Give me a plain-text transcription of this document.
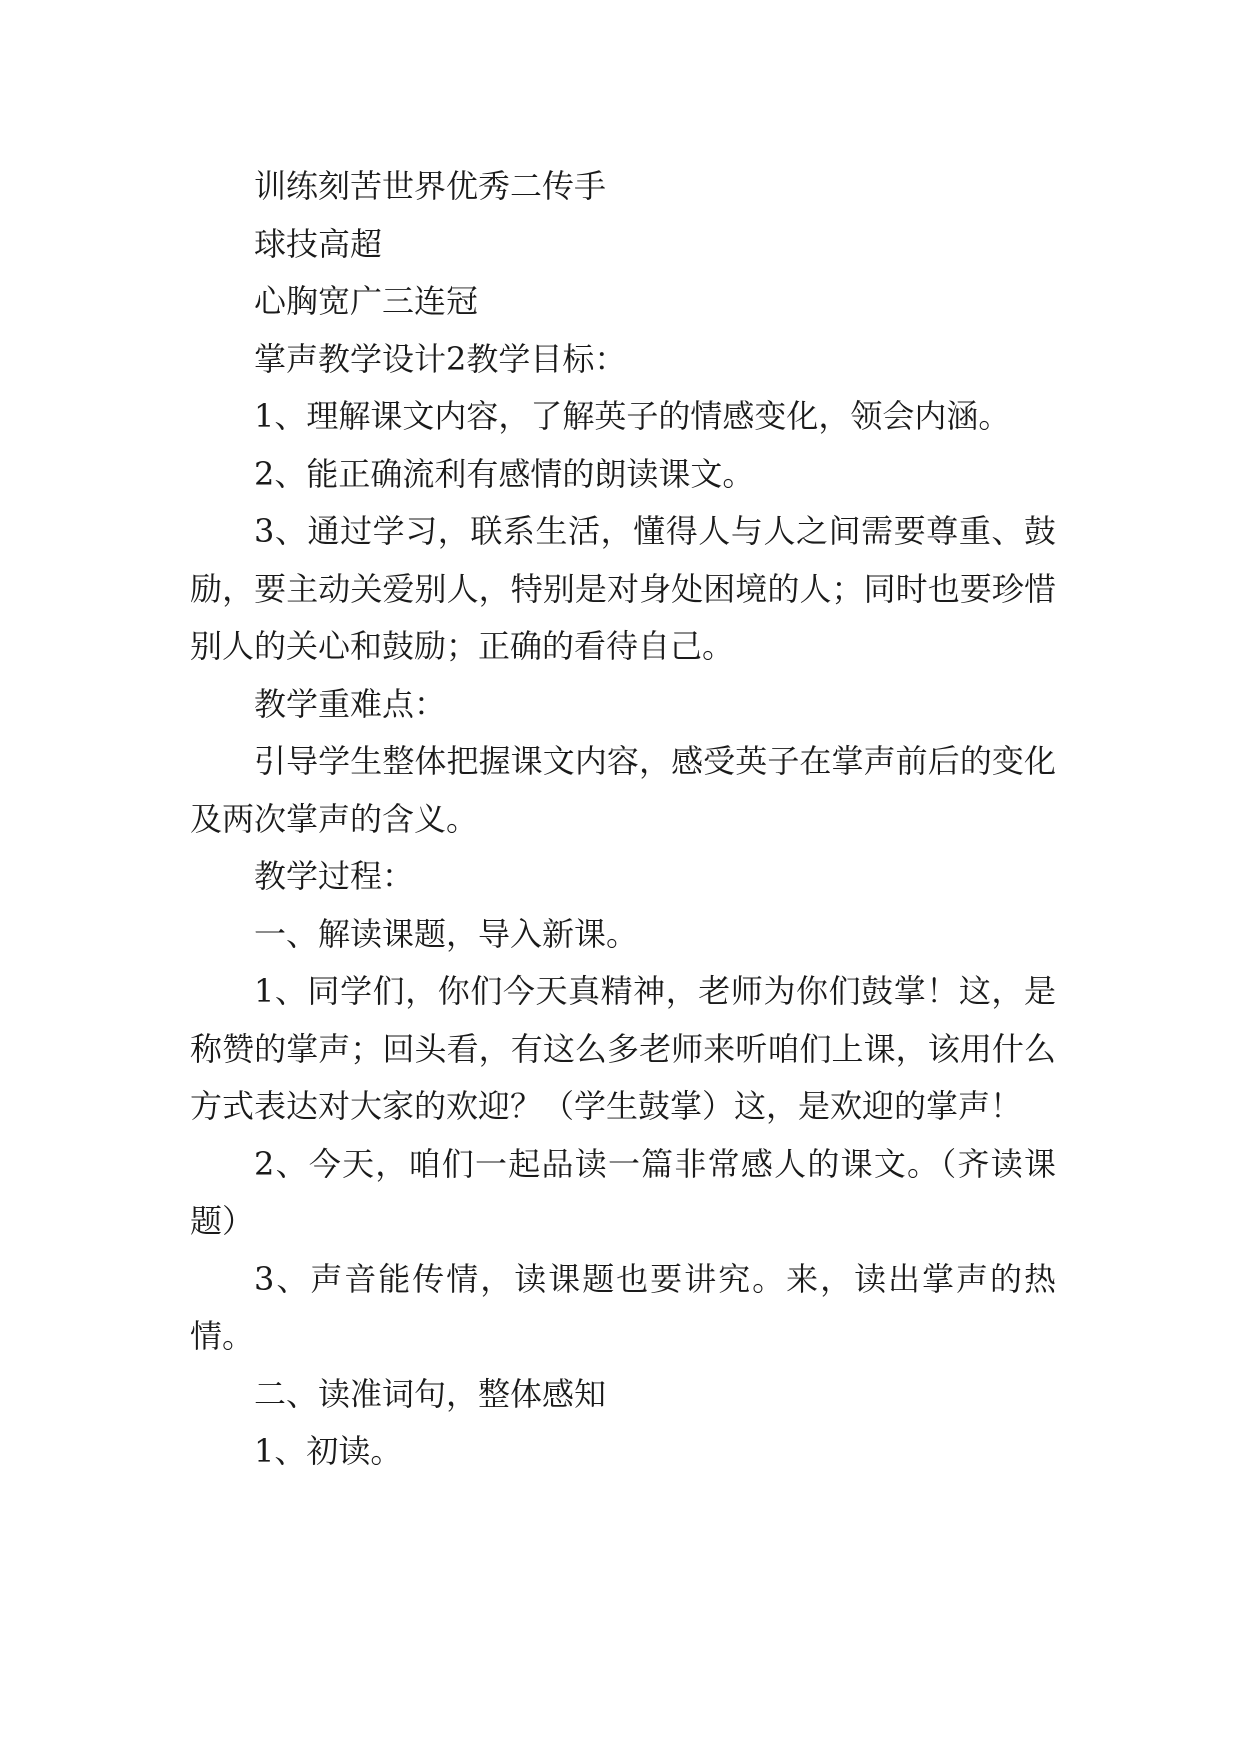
训练刻苦世界优秀二传手

球技高超

心胸宽广三连冠

掌声教学设计2教学目标：

1、理解课文内容，了解英子的情感变化，领会内涵。

2、能正确流利有感情的朗读课文。

3、通过学习，联系生活，懂得人与人之间需要尊重、鼓励，要主动关爱别人，特别是对身处困境的人；同时也要珍惜别人的关心和鼓励；正确的看待自己。

教学重难点：

引导学生整体把握课文内容，感受英子在掌声前后的变化及两次掌声的含义。

教学过程：

一、解读课题，导入新课。

1、同学们，你们今天真精神，老师为你们鼓掌！这，是称赞的掌声；回头看，有这么多老师来听咱们上课，该用什么方式表达对大家的欢迎？（学生鼓掌）这，是欢迎的掌声！

2、今天，咱们一起品读一篇非常感人的课文。（齐读课题）

3、声音能传情，读课题也要讲究。来，读出掌声的热情。

二、读准词句，整体感知

1、初读。
